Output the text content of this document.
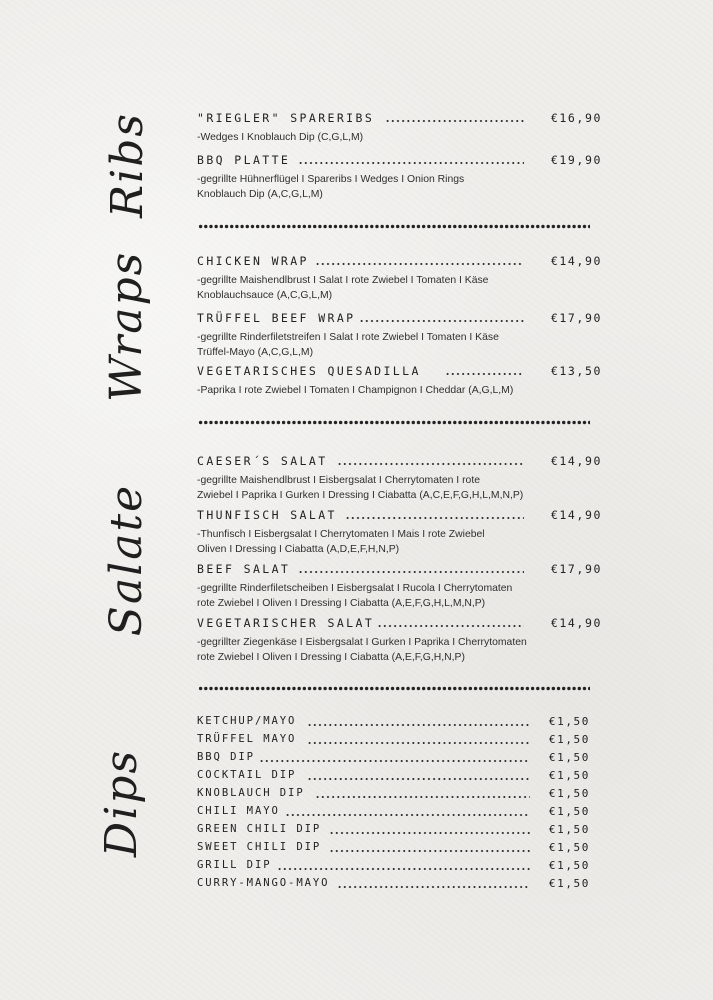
Ribs
Wraps
Salate
Dips
"RIEGLER" SPARERIBS	€16,90
-Wedges I Knoblauch Dip (C,G,L,M)
BBQ PLATTE	€19,90
-gegrillte Hühnerflügel I Spareribs I Wedges I Onion Rings
Knoblauch Dip (A,C,G,L,M)
CHICKEN WRAP	€14,90
-gegrillte Maishendlbrust I Salat I rote Zwiebel I Tomaten I Käse
Knoblauchsauce (A,C,G,L,M)
TRÜFFEL BEEF WRAP	€17,90
-gegrillte Rinderfiletstreifen I Salat I rote Zwiebel I Tomaten I Käse
Trüffel-Mayo (A,C,G,L,M)
VEGETARISCHES QUESADILLA	€13,50
-Paprika I rote Zwiebel I Tomaten I Champignon I Cheddar (A,G,L,M)
CAESER´S SALAT	€14,90
-gegrillte Maishendlbrust I Eisbergsalat I Cherrytomaten I rote
Zwiebel I Paprika I Gurken I Dressing I Ciabatta (A,C,E,F,G,H,L,M,N,P)
THUNFISCH SALAT	€14,90
-Thunfisch I Eisbergsalat I Cherrytomaten I Mais I rote Zwiebel
Oliven I Dressing I Ciabatta (A,D,E,F,H,N,P)
BEEF SALAT	€17,90
-gegrillte Rinderfiletscheiben I Eisbergsalat I Rucola I Cherrytomaten
rote Zwiebel I Oliven I Dressing I Ciabatta (A,E,F,G,H,L,M,N,P)
VEGETARISCHER SALAT	€14,90
-gegrillter Ziegenkäse I Eisbergsalat I Gurken I Paprika I Cherrytomaten
rote Zwiebel I Oliven I Dressing I Ciabatta (A,E,F,G,H,N,P)
KETCHUP/MAYO	€1,50
TRÜFFEL MAYO	€1,50
BBQ DIP	€1,50
COCKTAIL DIP	€1,50
KNOBLAUCH DIP	€1,50
CHILI MAYO	€1,50
GREEN CHILI DIP	€1,50
SWEET CHILI DIP	€1,50
GRILL DIP	€1,50
CURRY-MANGO-MAYO	€1,50
